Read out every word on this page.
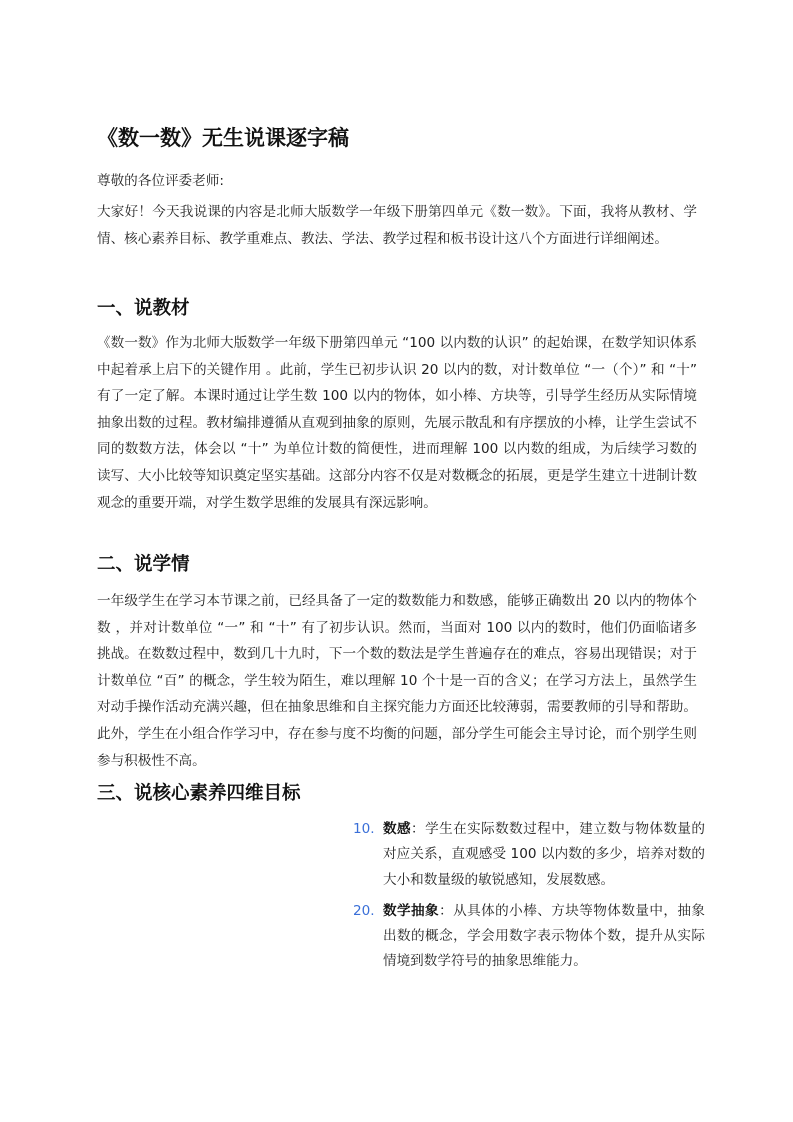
《数一数》无生说课逐字稿

尊敬的各位评委老师:

大家好！今天我说课的内容是北师大版数学一年级下册第四单元《数一数》。下面，我将从教材、学情、核心素养目标、教学重难点、教法、学法、教学过程和板书设计这八个方面进行详细阐述。

一、说教材

《数一数》作为北师大版数学一年级下册第四单元 “100 以内数的认识” 的起始课，在数学知识体系中起着承上启下的关键作用 。此前，学生已初步认识 20 以内的数，对计数单位 “一（个）” 和 “十” 有了一定了解。本课时通过让学生数 100 以内的物体，如小棒、方块等，引导学生经历从实际情境抽象出数的过程。教材编排遵循从直观到抽象的原则，先展示散乱和有序摆放的小棒，让学生尝试不同的数数方法，体会以 “十” 为单位计数的简便性，进而理解 100 以内数的组成，为后续学习数的读写、大小比较等知识奠定坚实基础。这部分内容不仅是对数概念的拓展，更是学生建立十进制计数观念的重要开端，对学生数学思维的发展具有深远影响。

二、说学情

一年级学生在学习本节课之前，已经具备了一定的数数能力和数感，能够正确数出 20 以内的物体个数 ，并对计数单位 “一” 和 “十” 有了初步认识。然而，当面对 100 以内的数时，他们仍面临诸多挑战。在数数过程中，数到几十九时，下一个数的数法是学生普遍存在的难点，容易出现错误；对于计数单位 “百” 的概念，学生较为陌生，难以理解 10 个十是一百的含义；在学习方法上，虽然学生对动手操作活动充满兴趣，但在抽象思维和自主探究能力方面还比较薄弱，需要教师的引导和帮助。此外，学生在小组合作学习中，存在参与度不均衡的问题，部分学生可能会主导讨论，而个别学生则参与积极性不高。

三、说核心素养四维目标
10. 数感：学生在实际数数过程中，建立数与物体数量的对应关系，直观感受 100 以内数的多少，培养对数的大小和数量级的敏锐感知，发展数感。
20. 数学抽象：从具体的小棒、方块等物体数量中，抽象出数的概念，学会用数字表示物体个数，提升从实际情境到数学符号的抽象思维能力。
